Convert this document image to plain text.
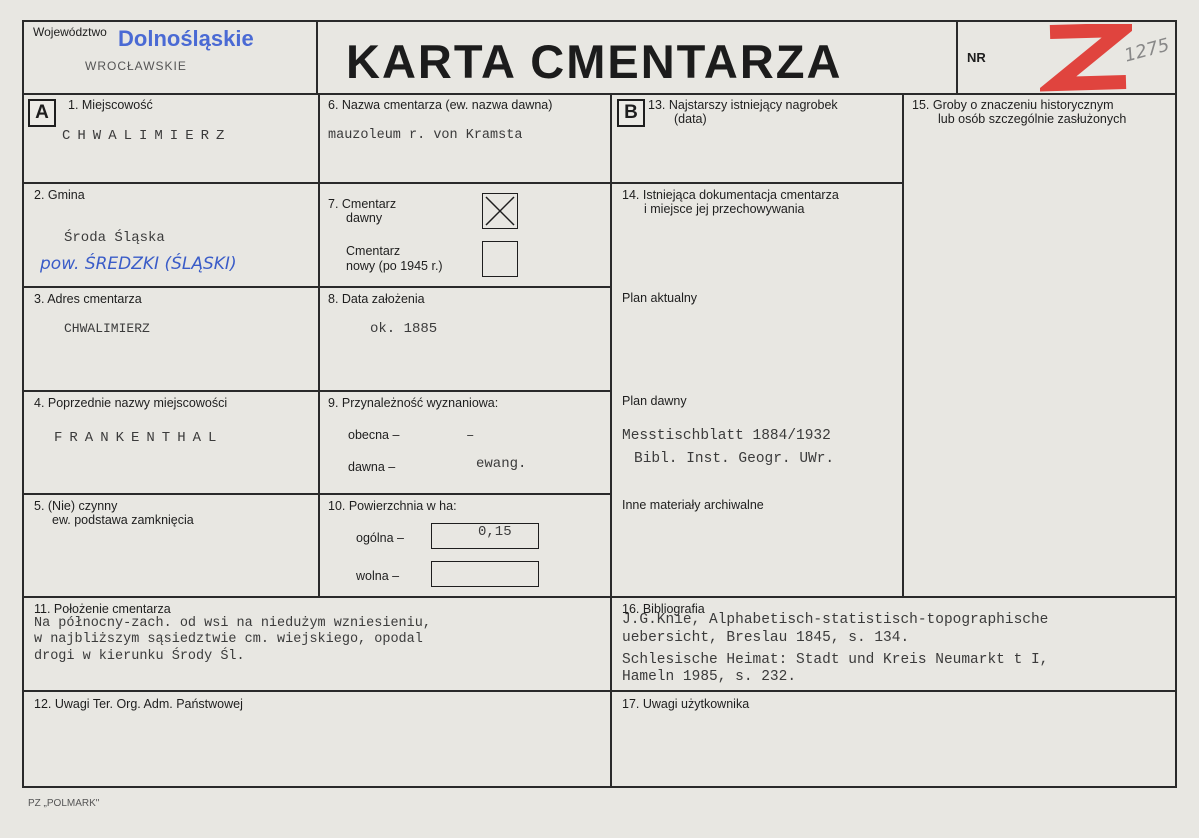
Województwo Dolnośląskie
WROCŁAWSKIE	KARTA CMENTARZA	NR	1275
A	1. Miejscowość
CHWALIMIERZ
2. Gmina
Środa Śląska
pow. ŚREDZKI (ŚLĄSKI)
3. Adres cmentarza
CHWALIMIERZ
4. Poprzednie nazwy miejscowości
FRANKENTHAL
5. (Nie) czynny
ew. podstawa zamknięcia
6. Nazwa cmentarza (ew. nazwa dawna)
mauzoleum r. von Kramsta
7. Cmentarz
dawny
Cmentarz
nowy (po 1945 r.)
8. Data założenia
ok. 1885
9. Przynależność wyznaniowa:
obecna –	–
dawna –	ewang.
10. Powierzchnia w ha:
ogólna –	0,15
wolna –
B 13. Najstarszy istniejący nagrobek
(data)
14. Istniejąca dokumentacja cmentarza
i miejsce jej przechowywania
Plan aktualny
Plan dawny
Messtischblatt 1884/1932
Bibl. Inst. Geogr. UWr.
Inne materiały archiwalne
15. Groby o znaczeniu historycznym
lub osób szczególnie zasłużonych
11. Położenie cmentarza
Na północny-zach. od wsi na niedużym wzniesieniu,
w najbliższym sąsiedztwie cm. wiejskiego, opodal
drogi w kierunku Środy Śl.
16. Bibliografia
J.G.Knie, Alphabetisch-statistisch-topographische
uebersicht, Breslau 1845, s. 134.
Schlesische Heimat: Stadt und Kreis Neumarkt t I,
Hameln 1985, s. 232.
12. Uwagi Ter. Org. Adm. Państwowej	17. Uwagi użytkownika
PZ „POLMARK"
